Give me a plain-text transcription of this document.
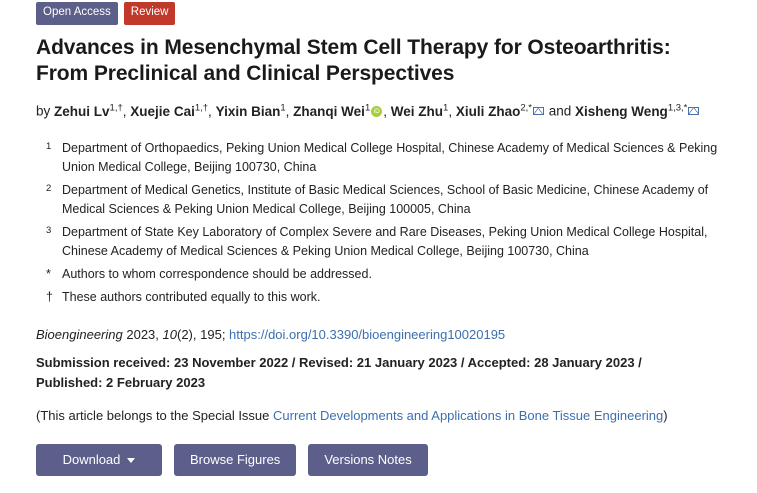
Open Access	Review
Advances in Mesenchymal Stem Cell Therapy for Osteoarthritis: From Preclinical and Clinical Perspectives
by Zehui $Lv^{1,\dagger}$, Xuejie Cai$^{1,\dagger}$, Yixin Bian$^1$, Zhanqi Wei$^1$ iD , Wei Zhu$^1$, Xiuli Zhao$^{2,*}$ and Xisheng Weng$^{1,3,*}$
1 Department of Orthopaedics, Peking Union Medical College Hospital, Chinese Academy of Medical Sciences & Peking Union Medical College, Beijing 100730, China
2 Department of Medical Genetics, Institute of Basic Medical Sciences, School of Basic Medicine, Chinese Academy of Medical Sciences & Peking Union Medical College, Beijing 100005, China
3 Department of State Key Laboratory of Complex Severe and Rare Diseases, Peking Union Medical College Hospital, Chinese Academy of Medical Sciences & Peking Union Medical College, Beijing 100730, China
* Authors to whom correspondence should be addressed.
† These authors contributed equally to this work.
Bioengineering 2023, 10(2), 195; https://doi.org/10.3390/bioengineering10020195
Submission received: 23 November 2022 / Revised: 21 January 2023 / Accepted: 28 January 2023 / Published: 2 February 2023
(This article belongs to the Special Issue Current Developments and Applications in Bone Tissue Engineering)
Download	Browse Figures	Versions Notes
